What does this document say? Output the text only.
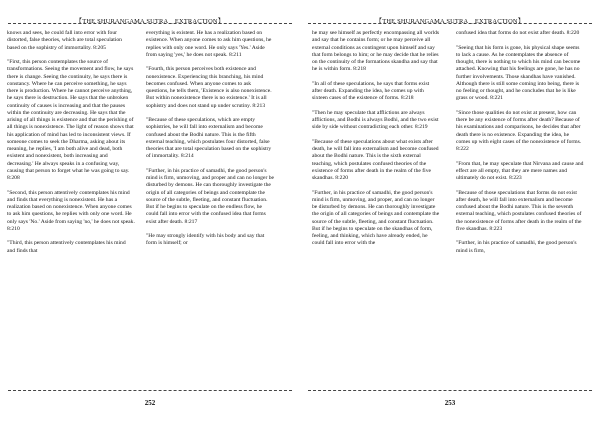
【THE SHURANGAMA SUTRA _ EXTRACTION】

knows and sees, he could fall into error with four distorted, false theories, which are total speculation based on the sophistry of immortality. 8:205

"First, this person contemplates the source of transformations. Seeing the movement and flow, he says there is change. Seeing the continuity, he says there is constancy. Where he can perceive something, he says there is production. Where he cannot perceive anything, he says there is destruction. He says that the unbroken continuity of causes is increasing and that the pauses within the continuity are decreasing. He says that the arising of all things is existence and that the perishing of all things is nonexistence. The light of reason shows that his application of mind has led to inconsistent views. If someone comes to seek the Dharma, asking about its meaning, he replies, 'I am both alive and dead, both existent and nonexistent, both increasing and decreasing.' He always speaks in a confusing way, causing that person to forget what he was going to say. 8:208

"Second, this person attentively contemplates his mind and finds that everything is nonexistent. He has a realization based on nonexistence. When anyone comes to ask him questions, he replies with only one word. He only says 'No.' Aside from saying 'no,' he does not speak. 8:210

"Third, this person attentively contemplates his mind and finds that

everything is existent. He has a realization based on existence. When anyone comes to ask him questions, he replies with only one word. He only says 'Yes.' Aside from saying 'yes,' he does not speak. 8:211

"Fourth, this person perceives both existence and nonexistence. Experiencing this branching, his mind becomes confused. When anyone comes to ask questions, he tells them, 'Existence is also nonexistence. But within nonexistence there is no existence.' It is all sophistry and does not stand up under scrutiny. 8:213

"Because of these speculations, which are empty sophistries, he will fall into externalism and become confused about the Bodhi nature. This is the fifth external teaching, which postulates four distorted, false theories that are total speculation based on the sophistry of immortality. 8:214

"Further, in his practice of samadhi, the good person's mind is firm, unmoving, and proper and can no longer be disturbed by demons. He can thoroughly investigate the origin of all categories of beings and contemplate the source of the subtle, fleeting, and constant fluctuation. But if he begins to speculate on the endless flow, he could fall into error with the confused idea that forms exist after death. 8:217

"He may strongly identify with his body and say that form is himself; or

252
【THE SHURANGAMA SUTRA _ EXTRACTION】

he may see himself as perfectly encompassing all worlds and say that he contains form; or he may perceive all external conditions as contingent upon himself and say that form belongs to him; or he may decide that he relies on the continuity of the formations skandha and say that he is within form. 8:218

"In all of these speculations, he says that forms exist after death. Expanding the idea, he comes up with sixteen cases of the existence of forms. 8:218

"Then he may speculate that afflictions are always afflictions, and Bodhi is always Bodhi, and the two exist side by side without contradicting each other. 8:219

"Because of these speculations about what exists after death, he will fall into externalism and become confused about the Bodhi nature. This is the sixth external teaching, which postulates confused theories of the existence of forms after death in the realm of the five skandhas. 8:220

"Further, in his practice of samadhi, the good person's mind is firm, unmoving, and proper, and can no longer be disturbed by demons. He can thoroughly investigate the origin of all categories of beings and contemplate the source of the subtle, fleeting, and constant fluctuation. But if he begins to speculate on the skandhas of form, feeling, and thinking, which have already ended, he could fall into error with the

confused idea that forms do not exist after death. 8:220

"Seeing that his form is gone, his physical shape seems to lack a cause. As he contemplates the absence of thought, there is nothing to which his mind can become attached. Knowing that his feelings are gone, he has no further involvements. Those skandhas have vanished. Although there is still some coming into being, there is no feeling or thought, and he concludes that he is like grass or wood. 8:221

"Since those qualities do not exist at present, how can there be any existence of forms after death? Because of his examinations and comparisons, he decides that after death there is no existence. Expanding the idea, he comes up with eight cases of the nonexistence of forms. 8:222

"From that, he may speculate that Nirvana and cause and effect are all empty, that they are mere names and ultimately do not exist. 8:223

"Because of those speculations that forms do not exist after death, he will fall into externalism and become confused about the Bodhi nature. This is the seventh external teaching, which postulates confused theories of the nonexistence of forms after death in the realm of the five skandhas. 8:223

"Further, in his practice of samadhi, the good person's mind is firm,

253
